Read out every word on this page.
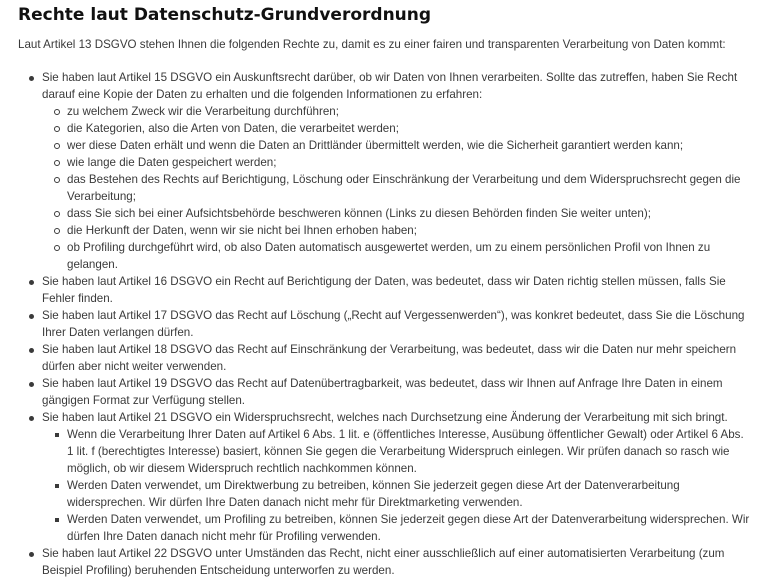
Rechte laut Datenschutz-Grundverordnung

Laut Artikel 13 DSGVO stehen Ihnen die folgenden Rechte zu, damit es zu einer fairen und transparenten Verarbeitung von Daten kommt:

Sie haben laut Artikel 15 DSGVO ein Auskunftsrecht darüber, ob wir Daten von Ihnen verarbeiten. Sollte das zutreffen, haben Sie Recht darauf eine Kopie der Daten zu erhalten und die folgenden Informationen zu erfahren:
zu welchem Zweck wir die Verarbeitung durchführen;
die Kategorien, also die Arten von Daten, die verarbeitet werden;
wer diese Daten erhält und wenn die Daten an Drittländer übermittelt werden, wie die Sicherheit garantiert werden kann;
wie lange die Daten gespeichert werden;
das Bestehen des Rechts auf Berichtigung, Löschung oder Einschränkung der Verarbeitung und dem Widerspruchsrecht gegen die Verarbeitung;
dass Sie sich bei einer Aufsichtsbehörde beschweren können (Links zu diesen Behörden finden Sie weiter unten);
die Herkunft der Daten, wenn wir sie nicht bei Ihnen erhoben haben;
ob Profiling durchgeführt wird, ob also Daten automatisch ausgewertet werden, um zu einem persönlichen Profil von Ihnen zu gelangen.
Sie haben laut Artikel 16 DSGVO ein Recht auf Berichtigung der Daten, was bedeutet, dass wir Daten richtig stellen müssen, falls Sie Fehler finden.
Sie haben laut Artikel 17 DSGVO das Recht auf Löschung („Recht auf Vergessenwerden“), was konkret bedeutet, dass Sie die Löschung Ihrer Daten verlangen dürfen.
Sie haben laut Artikel 18 DSGVO das Recht auf Einschränkung der Verarbeitung, was bedeutet, dass wir die Daten nur mehr speichern dürfen aber nicht weiter verwenden.
Sie haben laut Artikel 19 DSGVO das Recht auf Datenübertragbarkeit, was bedeutet, dass wir Ihnen auf Anfrage Ihre Daten in einem gängigen Format zur Verfügung stellen.
Sie haben laut Artikel 21 DSGVO ein Widerspruchsrecht, welches nach Durchsetzung eine Änderung der Verarbeitung mit sich bringt.
Wenn die Verarbeitung Ihrer Daten auf Artikel 6 Abs. 1 lit. e (öffentliches Interesse, Ausübung öffentlicher Gewalt) oder Artikel 6 Abs. 1 lit. f (berechtigtes Interesse) basiert, können Sie gegen die Verarbeitung Widerspruch einlegen. Wir prüfen danach so rasch wie möglich, ob wir diesem Widerspruch rechtlich nachkommen können.
Werden Daten verwendet, um Direktwerbung zu betreiben, können Sie jederzeit gegen diese Art der Datenverarbeitung widersprechen. Wir dürfen Ihre Daten danach nicht mehr für Direktmarketing verwenden.
Werden Daten verwendet, um Profiling zu betreiben, können Sie jederzeit gegen diese Art der Datenverarbeitung widersprechen. Wir dürfen Ihre Daten danach nicht mehr für Profiling verwenden.
Sie haben laut Artikel 22 DSGVO unter Umständen das Recht, nicht einer ausschließlich auf einer automatisierten Verarbeitung (zum Beispiel Profiling) beruhenden Entscheidung unterworfen zu werden.
